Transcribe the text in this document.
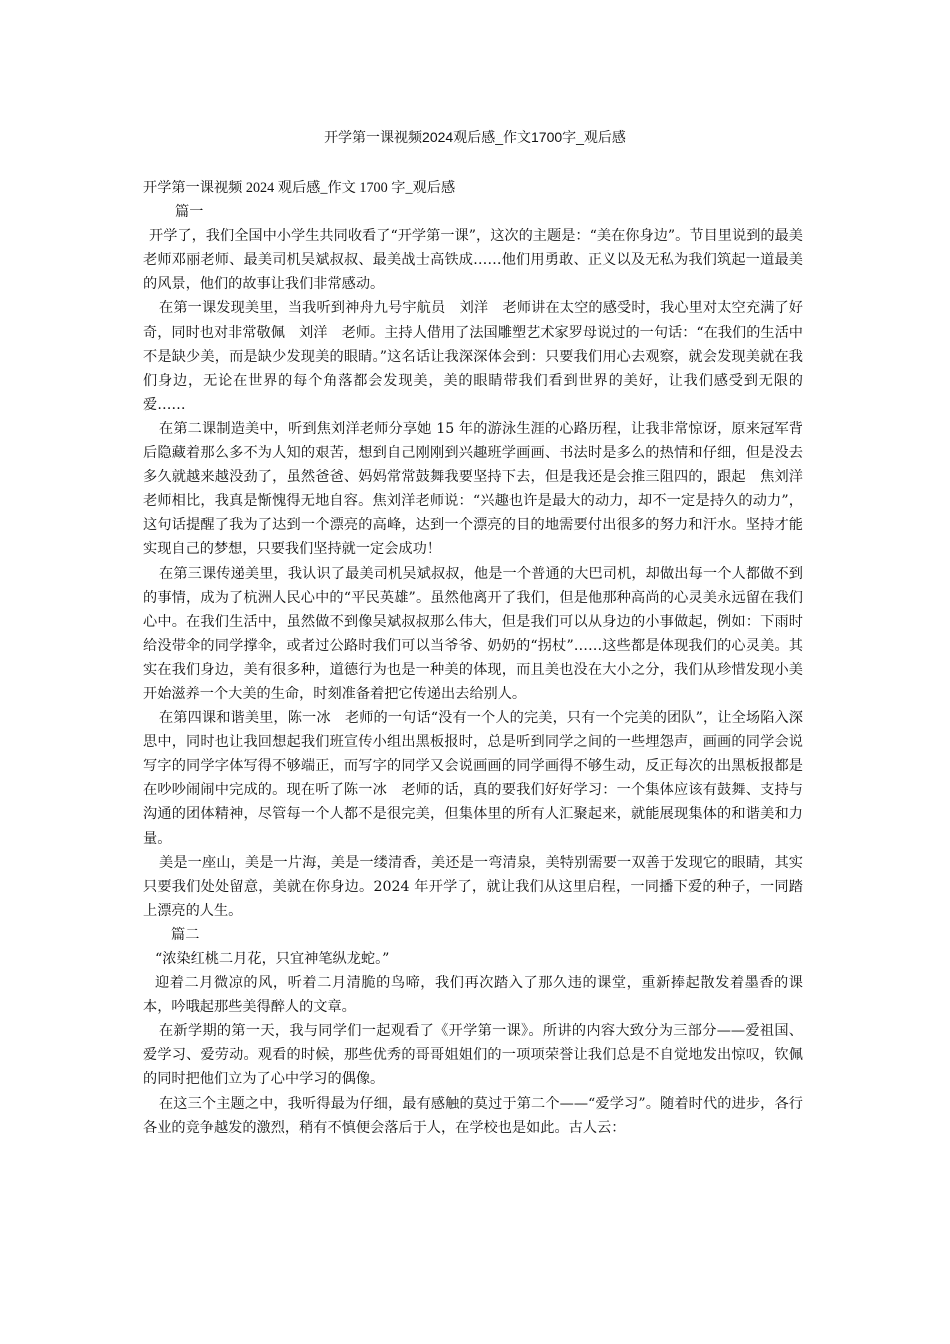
开学第一课视频2024观后感_作文1700字_观后感

开学第一课视频 2024 观后感_作文 1700 字_观后感

篇一

开学了，我们全国中小学生共同收看了“开学第一课”，这次的主题是：“美在你身边”。节目里说到的最美老师邓丽老师、最美司机吴斌叔叔、最美战士高铁成……他们用勇敢、正义以及无私为我们筑起一道最美的风景，他们的故事让我们非常感动。

在第一课发现美里，当我听到神舟九号宇航员　刘洋　老师讲在太空的感受时，我心里对太空充满了好奇，同时也对非常敬佩　刘洋　老师。主持人借用了法国雕塑艺术家罗母说过的一句话：“在我们的生活中不是缺少美，而是缺少发现美的眼睛。”这名话让我深深体会到：只要我们用心去观察，就会发现美就在我们身边，无论在世界的每个角落都会发现美，美的眼睛带我们看到世界的美好，让我们感受到无限的爱……

在第二课制造美中，听到焦刘洋老师分享她 15 年的游泳生涯的心路历程，让我非常惊讶，原来冠军背后隐藏着那么多不为人知的艰苦，想到自己刚刚到兴趣班学画画、书法时是多么的热情和仔细，但是没去多久就越来越没劲了，虽然爸爸、妈妈常常鼓舞我要坚持下去，但是我还是会推三阻四的，跟起　焦刘洋老师相比，我真是惭愧得无地自容。焦刘洋老师说：“兴趣也许是最大的动力，却不一定是持久的动力”，这句话提醒了我为了达到一个漂亮的高峰，达到一个漂亮的目的地需要付出很多的努力和汗水。坚持才能实现自己的梦想，只要我们坚持就一定会成功！

在第三课传递美里，我认识了最美司机吴斌叔叔，他是一个普通的大巴司机，却做出每一个人都做不到的事情，成为了杭洲人民心中的“平民英雄”。虽然他离开了我们，但是他那种高尚的心灵美永远留在我们心中。在我们生活中，虽然做不到像吴斌叔叔那么伟大，但是我们可以从身边的小事做起，例如：下雨时给没带伞的同学撑伞，或者过公路时我们可以当爷爷、奶奶的“拐杖”……这些都是体现我们的心灵美。其实在我们身边，美有很多种，道德行为也是一种美的体现，而且美也没在大小之分，我们从珍惜发现小美开始滋养一个大美的生命，时刻准备着把它传递出去给别人。

在第四课和谐美里，陈一冰　老师的一句话“没有一个人的完美，只有一个完美的团队”，让全场陷入深思中，同时也让我回想起我们班宣传小组出黑板报时，总是听到同学之间的一些埋怨声，画画的同学会说写字的同学字体写得不够端正，而写字的同学又会说画画的同学画得不够生动，反正每次的出黑板报都是在吵吵闹闹中完成的。现在听了陈一冰　老师的话，真的要我们好好学习：一个集体应该有鼓舞、支持与沟通的团体精神，尽管每一个人都不是很完美，但集体里的所有人汇聚起来，就能展现集体的和谐美和力量。

美是一座山，美是一片海，美是一缕清香，美还是一弯清泉，美特别需要一双善于发现它的眼睛，其实只要我们处处留意，美就在你身边。2024 年开学了，就让我们从这里启程，一同播下爱的种子，一同踏上漂亮的人生。

篇二

“浓染红桃二月花，只宜神笔纵龙蛇。”

迎着二月微凉的风，听着二月清脆的鸟啼，我们再次踏入了那久违的课堂，重新捧起散发着墨香的课本，吟哦起那些美得醉人的文章。

在新学期的第一天，我与同学们一起观看了《开学第一课》。所讲的内容大致分为三部分——爱祖国、爱学习、爱劳动。观看的时候，那些优秀的哥哥姐姐们的一项项荣誉让我们总是不自觉地发出惊叹，钦佩的同时把他们立为了心中学习的偶像。

在这三个主题之中，我听得最为仔细，最有感触的莫过于第二个——“爱学习”。随着时代的进步，各行各业的竞争越发的激烈，稍有不慎便会落后于人，在学校也是如此。古人云：
